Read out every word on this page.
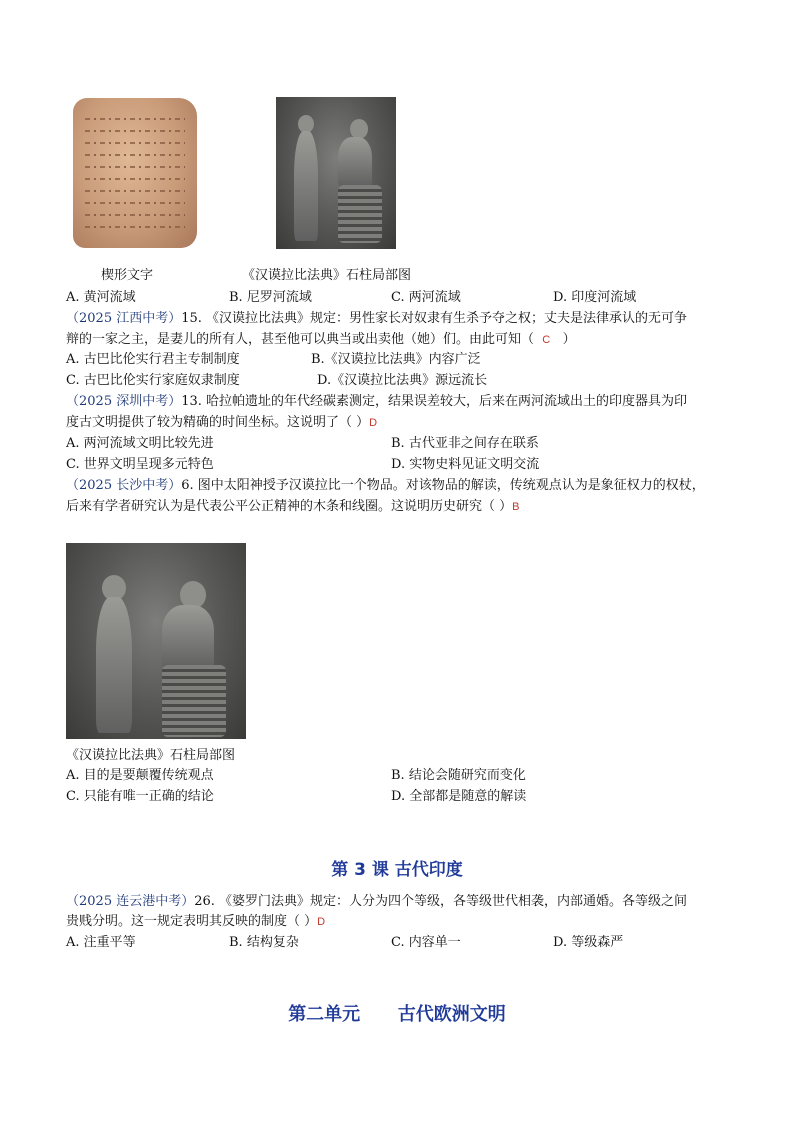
楔形文字	《汉谟拉比法典》石柱局部图
A. 黄河流域	B. 尼罗河流域	C. 两河流域	D. 印度河流域
（2025 江西中考）15. 《汉谟拉比法典》规定：男性家长对奴隶有生杀予夺之权；丈夫是法律承认的无可争
辩的一家之主，是妻儿的所有人，甚至他可以典当或出卖他（她）们。由此可知（ C ）
A. 古巴比伦实行君主专制制度	B.《汉谟拉比法典》内容广泛
C. 古巴比伦实行家庭奴隶制度	D.《汉谟拉比法典》源远流长
（2025 深圳中考）13. 哈拉帕遗址的年代经碳素测定，结果误差较大，后来在两河流域出土的印度器具为印
度古文明提供了较为精确的时间坐标。这说明了（ ）D
A. 两河流域文明比较先进	B. 古代亚非之间存在联系
C. 世界文明呈现多元特色	D. 实物史料见证文明交流
（2025 长沙中考）6. 图中太阳神授予汉谟拉比一个物品。对该物品的解读，传统观点认为是象征权力的权杖，
后来有学者研究认为是代表公平公正精神的木条和线圈。这说明历史研究（ ）B
《汉谟拉比法典》石柱局部图
A. 目的是要颠覆传统观点	B. 结论会随研究而变化
C. 只能有唯一正确的结论	D. 全部都是随意的解读
第 3 课 古代印度
（2025 连云港中考）26. 《婆罗门法典》规定：人分为四个等级，各等级世代相袭，内部通婚。各等级之间
贵贱分明。这一规定表明其反映的制度（ ）D
A. 注重平等	B. 结构复杂	C. 内容单一	D. 等级森严
第二单元      古代欧洲文明
